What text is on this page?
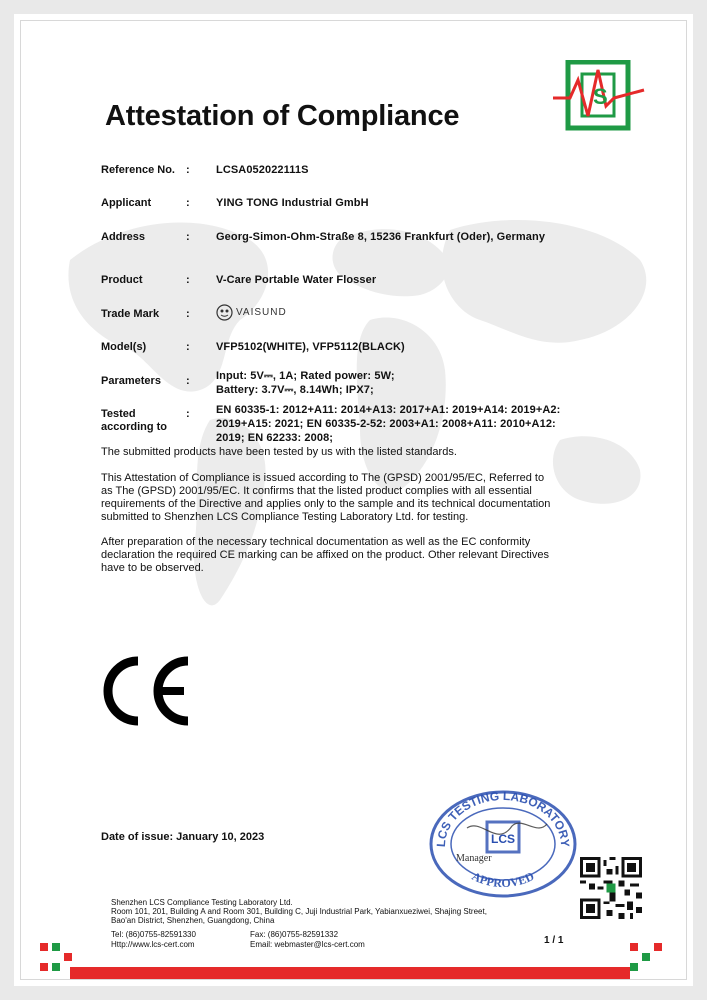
Attestation of Compliance
S
Reference No. : LCSA052022111S
Applicant	: YING TONG Industrial GmbH
Address	: Georg-Simon-Ohm-Straße 8, 15236 Frankfurt (Oder), Germany
Product	: V-Care Portable Water Flosser
Trade Mark :	VAISUND
Model(s)	: VFP5102(WHITE), VFP5112(BLACK)
Parameters : Input: 5V⎓, 1A; Rated power: 5W;
Battery: 3.7V⎓, 8.14Wh; IPX7;
Tested
according to
: EN 60335-1: 2012+A11: 2014+A13: 2017+A1: 2019+A14: 2019+A2:
2019+A15: 2021; EN 60335-2-52: 2003+A1: 2008+A11: 2010+A12:
2019; EN 62233: 2008;
The submitted products have been tested by us with the listed standards.
This Attestation of Compliance is issued according to The (GPSD) 2001/95/EC, Referred to
as The (GPSD) 2001/95/EC. It confirms that the listed product complies with all essential
requirements of the Directive and applies only to the sample and its technical documentation
submitted to Shenzhen LCS Compliance Testing Laboratory Ltd. for testing.
After preparation of the necessary technical documentation as well as the EC conformity
declaration the required CE marking can be affixed on the product. Other relevant Directives
have to be observed.
Date of issue: January 10, 2023
LCS TESTING LABORATORY
APPROVED
LCS
Manager
Shenzhen LCS Compliance Testing Laboratory Ltd.
Room 101, 201, Building A and Room 301, Building C, Juji Industrial Park, Yabianxueziwei, Shajing Street,
Bao'an District, Shenzhen, Guangdong, China
Tel: (86)0755-82591330	Fax: (86)0755-82591332
Http://www.lcs-cert.com	Email: webmaster@lcs-cert.com	1 / 1
